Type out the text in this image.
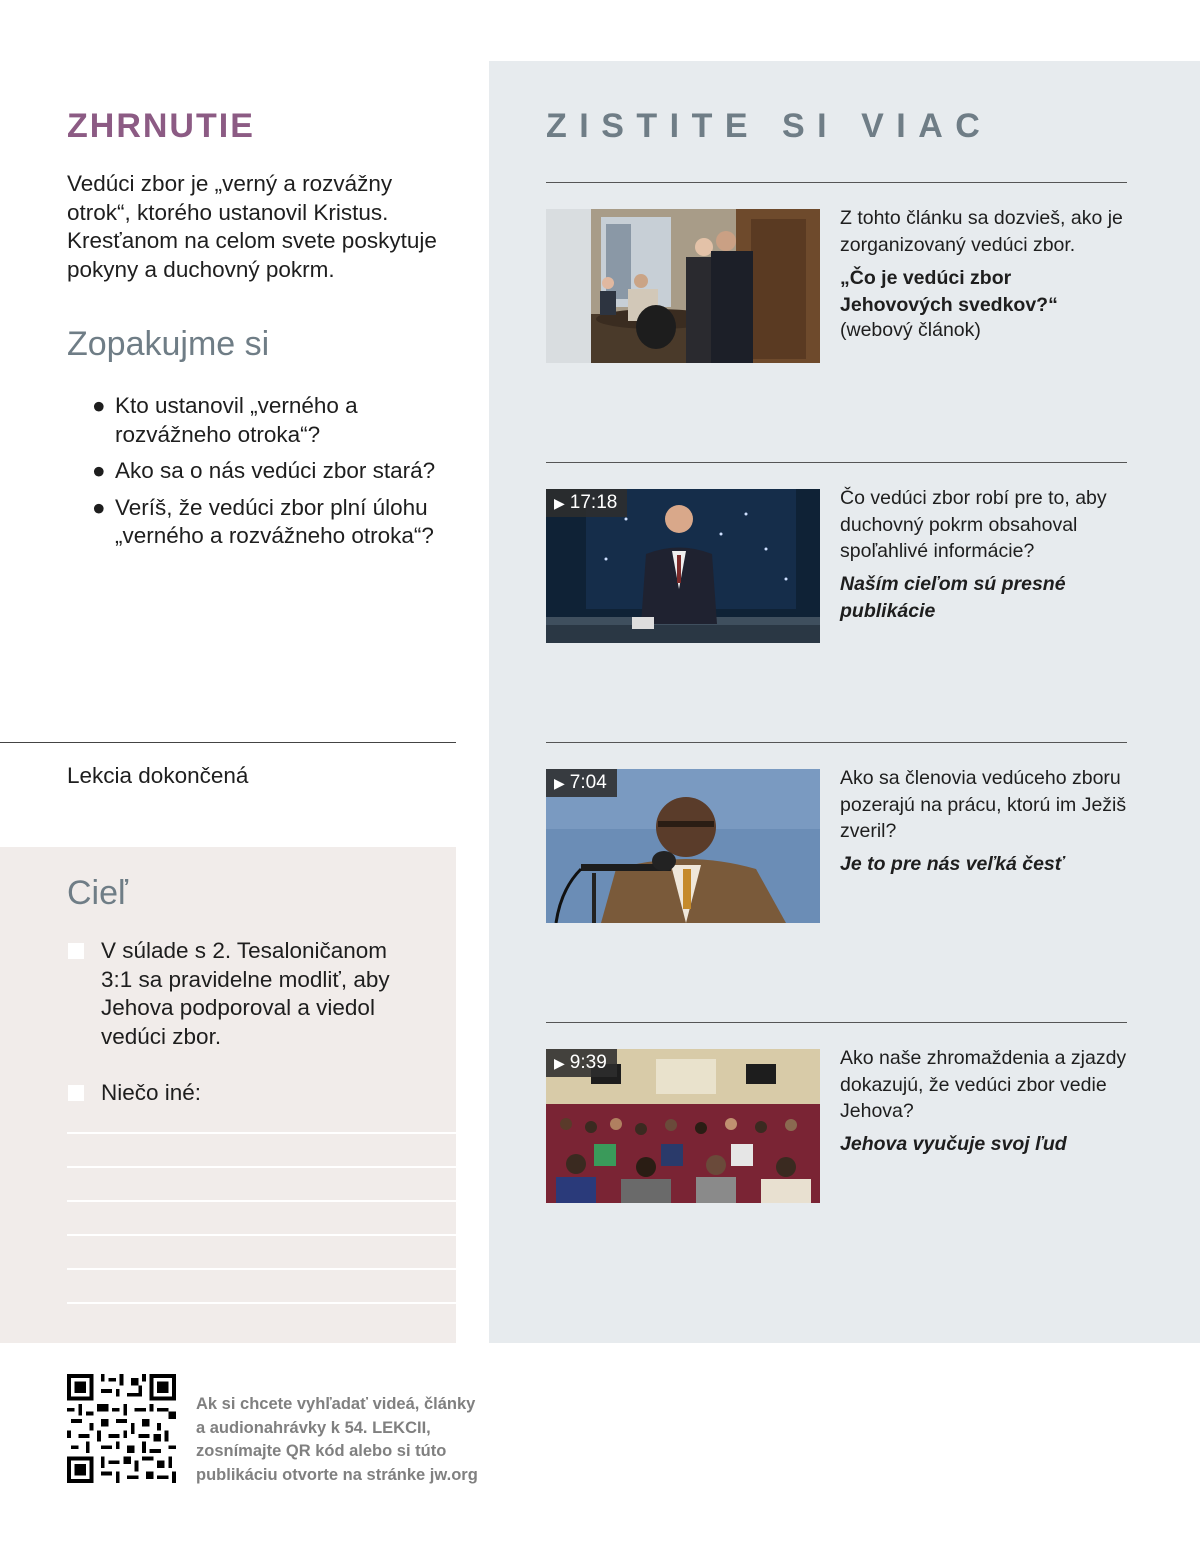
ZHRNUTIE

Vedúci zbor je „verný a rozvážny otrok“, ktorého ustanovil Kristus. Kresťanom na celom svete poskytuje pokyny a duchovný pokrm.

Zopakujme si
● Kto ustanovil „verného a rozvážneho otroka“?
● Ako sa o nás vedúci zbor stará?
● Veríš, že vedúci zbor plní úlohu „verného a rozvážneho otroka“?

Lekcia dokončená

Cieľ

V súlade s 2. Tesaloničanom 3:1 sa pravidelne modliť, aby Jehova podporoval a viedol vedúci zbor.

Niečo iné:

ZISTITE SI VIAC

Z tohto článku sa dozvieš, ako je zorganizovaný vedúci zbor.

„Čo je vedúci zbor Jehovových svedkov?“

(webový článok)

▶ 17:18	Čo vedúci zbor robí pre to, aby duchovný pokrm obsahoval spoľahlivé informácie?

Naším cieľom sú presné publikácie

▶ 7:04	Ako sa členovia vedúceho zboru pozerajú na prácu, ktorú im Ježiš zveril?

Je to pre nás veľká česť

▶ 9:39	Ako naše zhromaždenia a zjazdy dokazujú, že vedúci zbor vedie Jehova?

Jehova vyučuje svoj ľud

Ak si chcete vyhľadať videá, články
a audionahrávky k 54. LEKCII,
zosnímajte QR kód alebo si túto
publikáciu otvorte na stránke jw.org
